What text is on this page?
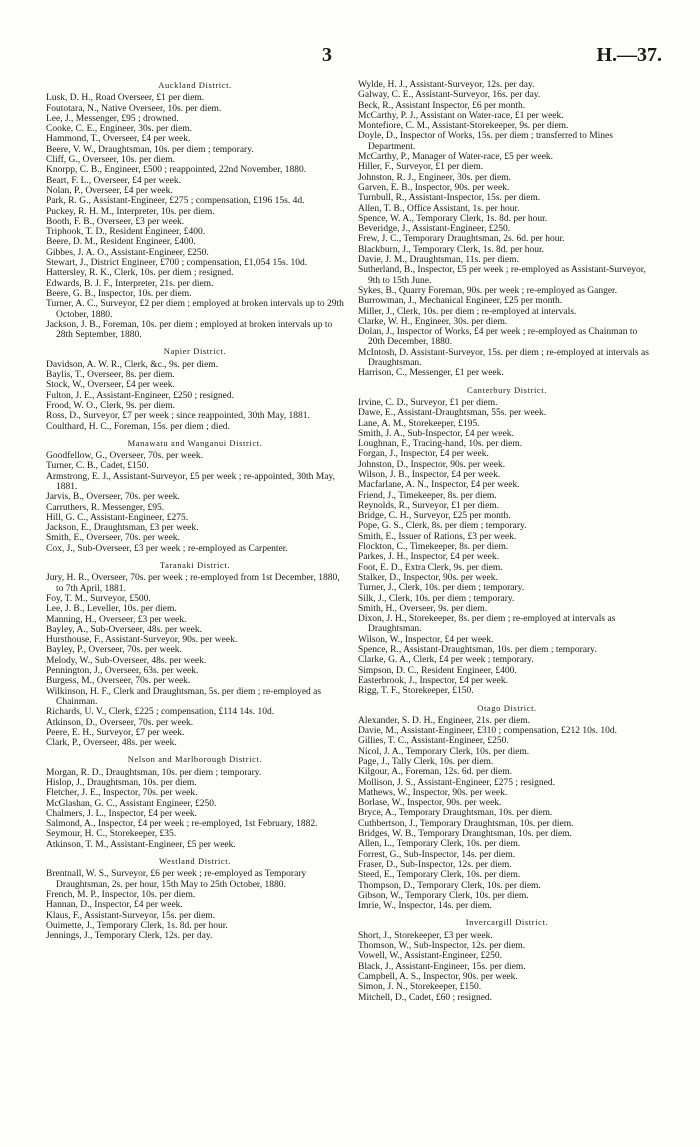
3	H.—37.
Auckland District.
Lusk, D. H., Road Overseer, £1 per diem.
Foutotara, N., Native Overseer, 10s. per diem.
Lee, J., Messenger, £95 ; drowned.
Cooke, C. E., Engineer, 30s. per diem.
Hammond, T., Overseer, £4 per week.
Beere, V. W., Draughtsman, 10s. per diem ; temporary.
Cliff, G., Overseer, 10s. per diem.
Knorpp, C. B., Engineer, £500 ; reappointed, 22nd November, 1880.
Beart, F. L., Overseer, £4 per week.
Nolan, P., Overseer, £4 per week.
Park, R. G., Assistant-Engineer, £275 ; compensation, £196 15s. 4d.
Puckey, R. H. M., Interpreter, 10s. per diem.
Booth, F. B., Overseer, £3 per week.
Triphook, T. D., Resident Engineer, £400.
Beere, D. M., Resident Engineer, £400.
Gibbes, J. A. O., Assistant-Engineer, £250.
Stewart, J., District Engineer, £700 ; compensation, £1,054 15s. 10d.
Hattersley, R. K., Clerk, 10s. per diem ; resigned.
Edwards, B. J. F., Interpreter, 21s. per diem.
Beere, G. B., Inspector, 10s. per diem.
Turner, A. C., Surveyor, £2 per diem ; employed at broken intervals up to 29th October, 1880.
Jackson, J. B., Foreman, 10s. per diem ; employed at broken intervals up to 28th September, 1880.
Napier District.
Davidson, A. W. R., Clerk, &c., 9s. per diem.
Baylis, T., Overseer, 8s. per diem.
Stock, W., Overseer, £4 per week.
Fulton, J. E., Assistant-Engineer, £250 ; resigned.
Frood, W. O., Clerk, 9s. per diem.
Ross, D., Surveyor, £7 per week ; since reappointed, 30th May, 1881.
Coulthard, H. C., Foreman, 15s. per diem ; died.
Manawatu and Wanganui District.
Goodfellow, G., Overseer, 70s. per week.
Turner, C. B., Cadet, £150.
Armstrong, E. J., Assistant-Surveyor, £5 per week ; re-appointed, 30th May, 1881.
Jarvis, B., Overseer, 70s. per week.
Carruthers, R. Messenger, £95.
Hill, G. C., Assistant-Engineer, £275.
Jackson, E., Draughtsman, £3 per week.
Smith, E., Overseer, 70s. per week.
Cox, J., Sub-Overseer, £3 per week ; re-employed as Carpenter.
Taranaki District.
Jury, H. R., Overseer, 70s. per week ; re-employed from 1st December, 1880, to 7th April, 1881.
Foy, T. M., Surveyor, £500.
Lee, J. B., Leveller, 10s. per diem.
Manning, H., Overseer, £3 per week.
Bayley, A., Sub-Overseer, 48s. per week.
Hursthouse, F., Assistant-Surveyor, 90s. per week.
Bayley, P., Overseer, 70s. per week.
Melody, W., Sub-Overseer, 48s. per week.
Pennington, J., Overseer, 63s. per week.
Burgess, M., Overseer, 70s. per week.
Wilkinson, H. F., Clerk and Draughtsman, 5s. per diem ; re-employed as Chainman.
Richards, U. V., Clerk, £225 ; compensation, £114 14s. 10d.
Atkinson, D., Overseer, 70s. per week.
Peere, E. H., Surveyor, £7 per week.
Clark, P., Overseer, 48s. per week.
Nelson and Marlborough District.
Morgan, R. D., Draughtsman, 10s. per diem ; temporary.
Hislop, J., Draughtsman, 10s. per diem.
Fletcher, J. E., Inspector, 70s. per week.
McGlashan, G. C., Assistant Engineer, £250.
Chalmers, J. L., Inspector, £4 per week.
Salmond, A., Inspector, £4 per week ; re-employed, 1st February, 1882.
Seymour, H. C., Storekeeper, £35.
Atkinson, T. M., Assistant-Engineer, £5 per week.
Westland District.
Brentnall, W. S., Surveyor, £6 per week ; re-employed as Temporary Draughtsman, 2s. per hour, 15th May to 25th October, 1880.
French, M. P., Inspector, 10s. per diem.
Hannan, D., Inspector, £4 per week.
Klaus, F., Assistant-Surveyor, 15s. per diem.
Ouimette, J., Temporary Clerk, 1s. 8d. per hour.
Jennings, J., Temporary Clerk, 12s. per day.
Wylde, H. J., Assistant-Surveyor, 12s. per day.
Galway, C. E., Assistant-Surveyor, 16s. per day.
Beck, R., Assistant Inspector, £6 per month.
McCarthy, P. J., Assistant on Water-race, £1 per week.
Montefiore, C. M., Assistant-Storekeeper, 9s. per diem.
Doyle, D., Inspector of Works, 15s. per diem ; transferred to Mines Department.
McCarthy, P., Manager of Water-race, £5 per week.
Hiller, F., Surveyor, £1 per diem.
Johnston, R. J., Engineer, 30s. per diem.
Garven, E. B., Inspector, 90s. per week.
Turnbull, R., Assistant-Inspector, 15s. per diem.
Allen, T. B., Office Assistant, 1s. per hour.
Spence, W. A., Temporary Clerk, 1s. 8d. per hour.
Beveridge, J., Assistant-Engineer, £250.
Frew, J. C., Temporary Draughtsman, 2s. 6d. per hour.
Blackburn, J., Temporary Clerk, 1s. 8d. per hour.
Davie, J. M., Draughtsman, 11s. per diem.
Sutherland, B., Inspector, £5 per week ; re-employed as Assistant-Surveyor, 9th to 15th June.
Sykes, B., Quarry Foreman, 90s. per week ; re-employed as Ganger.
Burrowman, J., Mechanical Engineer, £25 per month.
Miller, J., Clerk, 10s. per diem ; re-employed at intervals.
Clarke, W. H., Engineer, 30s. per diem.
Dolan, J., Inspector of Works, £4 per week ; re-employed as Chainman to 20th December, 1880.
McIntosh, D. Assistant-Surveyor, 15s. per diem ; re-employed at intervals as Draughtsman.
Harrison, C., Messenger, £1 per week.
Canterbury District.
Irvine, C. D., Surveyor, £1 per diem.
Dawe, E., Assistant-Draughtsman, 55s. per week.
Lane, A. M., Storekeeper, £195.
Smith, J. A., Sub-Inspector, £4 per week.
Loughnan, F., Tracing-hand, 10s. per diem.
Forgan, J., Inspector, £4 per week.
Johnston, D., Inspector, 90s. per week.
Wilson, J. B., Inspector, £4 per week.
Macfarlane, A. N., Inspector, £4 per week.
Friend, J., Timekeeper, 8s. per diem.
Reynolds, R., Surveyor, £1 per diem.
Bridge, C. H., Surveyor, £25 per month.
Pope, G. S., Clerk, 8s. per diem ; temporary.
Smith, E., Issuer of Rations, £3 per week.
Flockton, C., Timekeeper, 8s. per diem.
Parkes, J. H., Inspector, £4 per week.
Foot, E. D., Extra Clerk, 9s. per diem.
Stalker, D., Inspector, 90s. per week.
Turner, J., Clerk, 10s. per diem ; temporary.
Silk, J., Clerk, 10s. per diem ; temporary.
Smith, H., Overseer, 9s. per diem.
Dixon, J. H., Storekeeper, 8s. per diem ; re-employed at intervals as Draughtsman.
Wilson, W., Inspector, £4 per week.
Spence, R., Assistant-Draughtsman, 10s. per diem ; temporary.
Clarke, G. A., Clerk, £4 per week ; temporary.
Simpson, D. C., Resident Engineer, £400.
Easterbrook, J., Inspector, £4 per week.
Rigg, T. F., Storekeeper, £150.
Otago District.
Alexander, S. D. H., Engineer, 21s. per diem.
Davie, M., Assistant-Engineer, £310 ; compensation, £212 10s. 10d.
Gillies, T. C., Assistant-Engineer, £250.
Nicol, J. A., Temporary Clerk, 10s. per diem.
Page, J., Tally Clerk, 10s. per diem.
Kilgour, A., Foreman, 12s. 6d. per diem.
Mollison, J. S., Assistant-Engineer, £275 ; resigned.
Mathews, W., Inspector, 90s. per week.
Borlase, W., Inspector, 90s. per week.
Bryce, A., Temporary Draughtsman, 10s. per diem.
Cuthbertson, J., Temporary Draughtsman, 10s. per diem.
Bridges, W. B., Temporary Draughtsman, 10s. per diem.
Allen, L., Temporary Clerk, 10s. per diem.
Forrest, G., Sub-Inspector, 14s. per diem.
Fraser, D., Sub-Inspector, 12s. per diem.
Steed, E., Temporary Clerk, 10s. per diem.
Thompson, D., Temporary Clerk, 10s. per diem.
Gibson, W., Temporary Clerk, 10s. per diem.
Imrie, W., Inspector, 14s. per diem.
Invercargill District.
Short, J., Storekeeper, £3 per week.
Thomson, W., Sub-Inspector, 12s. per diem.
Vowell, W., Assistant-Engineer, £250.
Black, J., Assistant-Engineer, 15s. per diem.
Campbell, A. S., Inspector, 90s. per week.
Simon, J. N., Storekeeper, £150.
Mitchell, D., Cadet, £60 ; resigned.
